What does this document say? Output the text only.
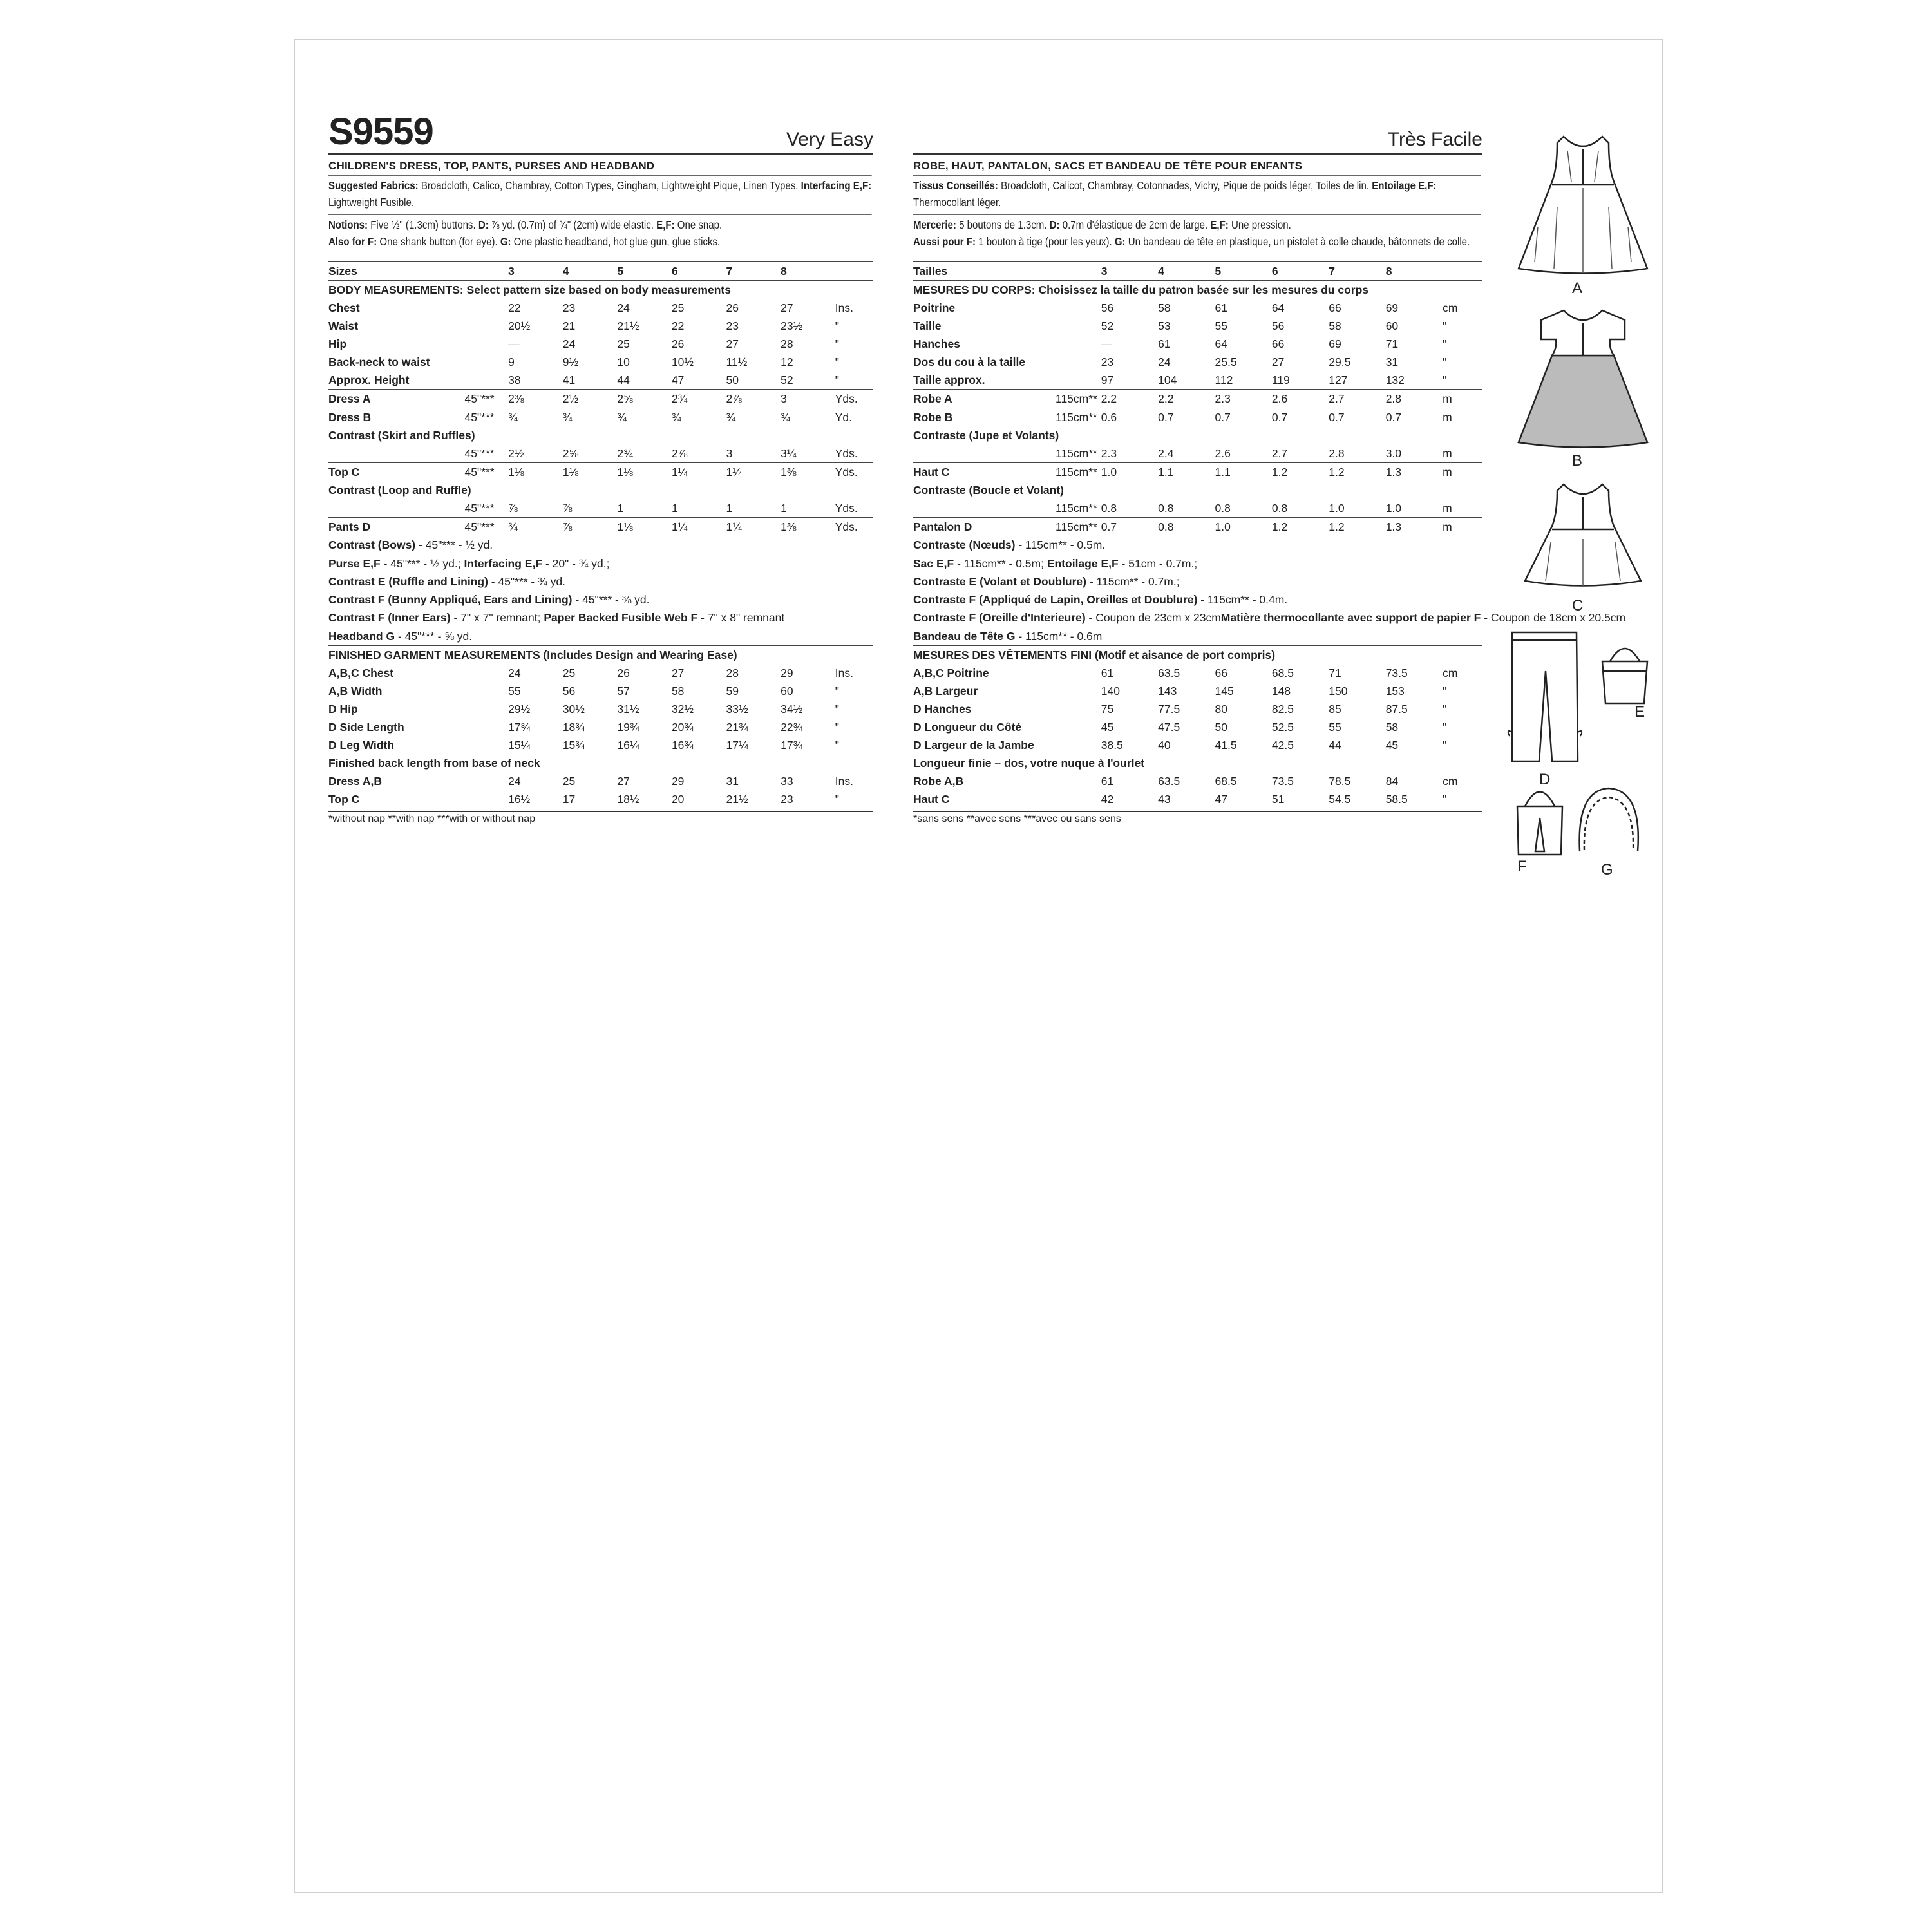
S9559	Very Easy
CHILDREN'S DRESS, TOP, PANTS, PURSES AND HEADBAND
Suggested Fabrics: Broadcloth, Calico, Chambray, Cotton Types, Gingham, Lightweight Pique, Linen Types. Interfacing E,F: Lightweight Fusible.
Notions: Five ½" (1.3cm) buttons. D: ⅞ yd. (0.7m) of ¾" (2cm) wide elastic. E,F: One snap.
Also for F: One shank button (for eye). G: One plastic headband, hot glue gun, glue sticks.
Sizes		3	4	5	6	7	8	
BODY MEASUREMENTS: Select pattern size based on body measurements								
Chest		22	23	24	25	26	27	Ins.
Waist		20½	21	21½	22	23	23½	"
Hip		—	24	25	26	27	28	"
Back-neck to waist		9	9½	10	10½	11½	12	"
Approx. Height		38	41	44	47	50	52	"
Dress A	45"***	2⅜	2½	2⅝	2¾	2⅞	3	Yds.
Dress B	45"***	¾	¾	¾	¾	¾	¾	Yd.
Contrast (Skirt and Ruffles)								
	45"***	2½	2⅝	2¾	2⅞	3	3¼	Yds.
Top C	45"***	1⅛	1⅛	1⅛	1¼	1¼	1⅜	Yds.
Contrast (Loop and Ruffle)								
	45"***	⅞	⅞	1	1	1	1	Yds.
Pants D	45"***	¾	⅞	1⅛	1¼	1¼	1⅜	Yds.
Contrast (Bows) - 45"*** - ½ yd.								
Purse E,F - 45"*** - ½ yd.; Interfacing E,F - 20" - ¾ yd.;								
Contrast E (Ruffle and Lining) - 45"*** - ¾ yd.								
Contrast F (Bunny Appliqué, Ears and Lining) - 45"*** - ⅜ yd.								
Contrast F (Inner Ears) - 7" x 7" remnant; Paper Backed Fusible Web F - 7" x 8" remnant								
Headband G - 45"*** - ⅝ yd.								
FINISHED GARMENT MEASUREMENTS (Includes Design and Wearing Ease)								
A,B,C Chest		24	25	26	27	28	29	Ins.
A,B Width		55	56	57	58	59	60	"
D Hip		29½	30½	31½	32½	33½	34½	"
D Side Length		17¾	18¾	19¾	20¾	21¾	22¾	"
D Leg Width		15¼	15¾	16¼	16¾	17¼	17¾	"
Finished back length from base of neck								
Dress A,B		24	25	27	29	31	33	Ins.
Top C		16½	17	18½	20	21½	23	"
*without nap **with nap ***with or without nap
Très Facile
ROBE, HAUT, PANTALON, SACS ET BANDEAU DE TÊTE POUR ENFANTS
Tissus Conseillés: Broadcloth, Calicot, Chambray, Cotonnades, Vichy, Pique de poids léger, Toiles de lin. Entoilage E,F: Thermocollant léger.
Mercerie: 5 boutons de 1.3cm. D: 0.7m d'élastique de 2cm de large. E,F: Une pression.
Aussi pour F: 1 bouton à tige (pour les yeux). G: Un bandeau de tête en plastique, un pistolet à colle chaude, bâtonnets de colle.
Tailles		3	4	5	6	7	8	
MESURES DU CORPS: Choisissez la taille du patron basée sur les mesures du corps								
Poitrine		56	58	61	64	66	69	cm
Taille		52	53	55	56	58	60	"
Hanches		—	61	64	66	69	71	"
Dos du cou à la taille		23	24	25.5	27	29.5	31	"
Taille approx.		97	104	112	119	127	132	"
Robe A	115cm**	2.2	2.2	2.3	2.6	2.7	2.8	m
Robe B	115cm**	0.6	0.7	0.7	0.7	0.7	0.7	m
Contraste (Jupe et Volants)								
	115cm**	2.3	2.4	2.6	2.7	2.8	3.0	m
Haut C	115cm**	1.0	1.1	1.1	1.2	1.2	1.3	m
Contraste (Boucle et Volant)								
	115cm**	0.8	0.8	0.8	0.8	1.0	1.0	m
Pantalon D	115cm**	0.7	0.8	1.0	1.2	1.2	1.3	m
Contraste (Nœuds) - 115cm** - 0.5m.								
Sac E,F - 115cm** - 0.5m; Entoilage E,F - 51cm - 0.7m.;								
Contraste E (Volant et Doublure) - 115cm** - 0.7m.;								
Contraste F (Appliqué de Lapin, Oreilles et Doublure) - 115cm** - 0.4m.								
Contraste F (Oreille d'Interieure) - Coupon de 23cm x 23cmMatière thermocollante avec support de papier F - Coupon de 18cm x 20.5cm								
Bandeau de Tête G - 115cm** - 0.6m								
MESURES DES VÊTEMENTS FINI (Motif et aisance de port compris)								
A,B,C Poitrine		61	63.5	66	68.5	71	73.5	cm
A,B Largeur		140	143	145	148	150	153	"
D Hanches		75	77.5	80	82.5	85	87.5	"
D Longueur du Côté		45	47.5	50	52.5	55	58	"
D Largeur de la Jambe		38.5	40	41.5	42.5	44	45	"
Longueur finie – dos, votre nuque à l'ourlet								
Robe A,B		61	63.5	68.5	73.5	78.5	84	cm
Haut C		42	43	47	51	54.5	58.5	"
*sans sens **avec sens ***avec ou sans sens
A
B
C
D
E
F	G
